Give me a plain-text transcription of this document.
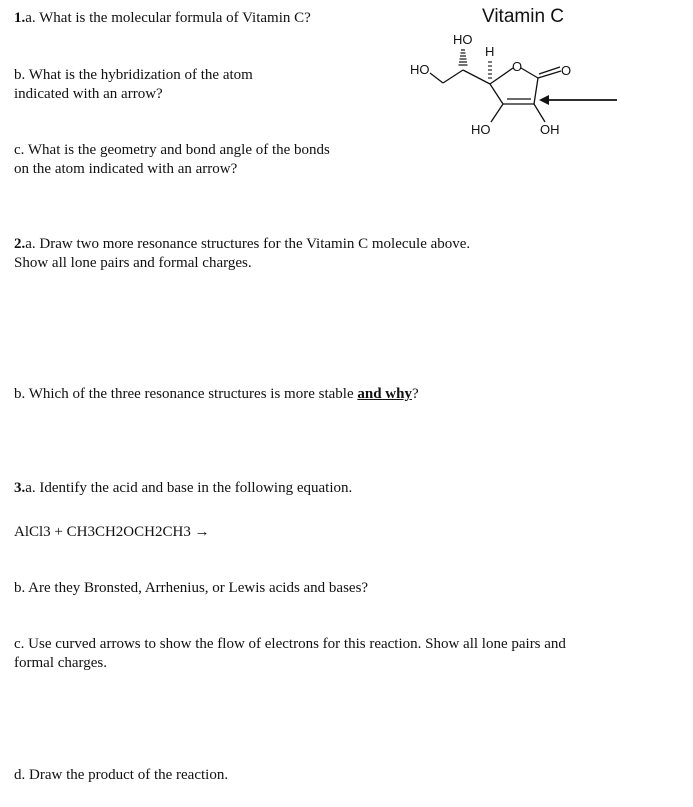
1.a. What is the molecular formula of Vitamin C?

b. What is the hybridization of the atom
indicated with an arrow?

c. What is the geometry and bond angle of the bonds
on the atom indicated with an arrow?

Vitamin C
HO
HO
H
O	O
HO	OH

2.a. Draw two more resonance structures for the Vitamin C molecule above.
Show all lone pairs and formal charges.

b. Which of the three resonance structures is more stable and why?

3.a. Identify the acid and base in the following equation.

AlCl3 + CH3CH2OCH2CH3 →

b. Are they Bronsted, Arrhenius, or Lewis acids and bases?

c. Use curved arrows to show the flow of electrons for this reaction. Show all lone pairs and
formal charges.

d. Draw the product of the reaction.
